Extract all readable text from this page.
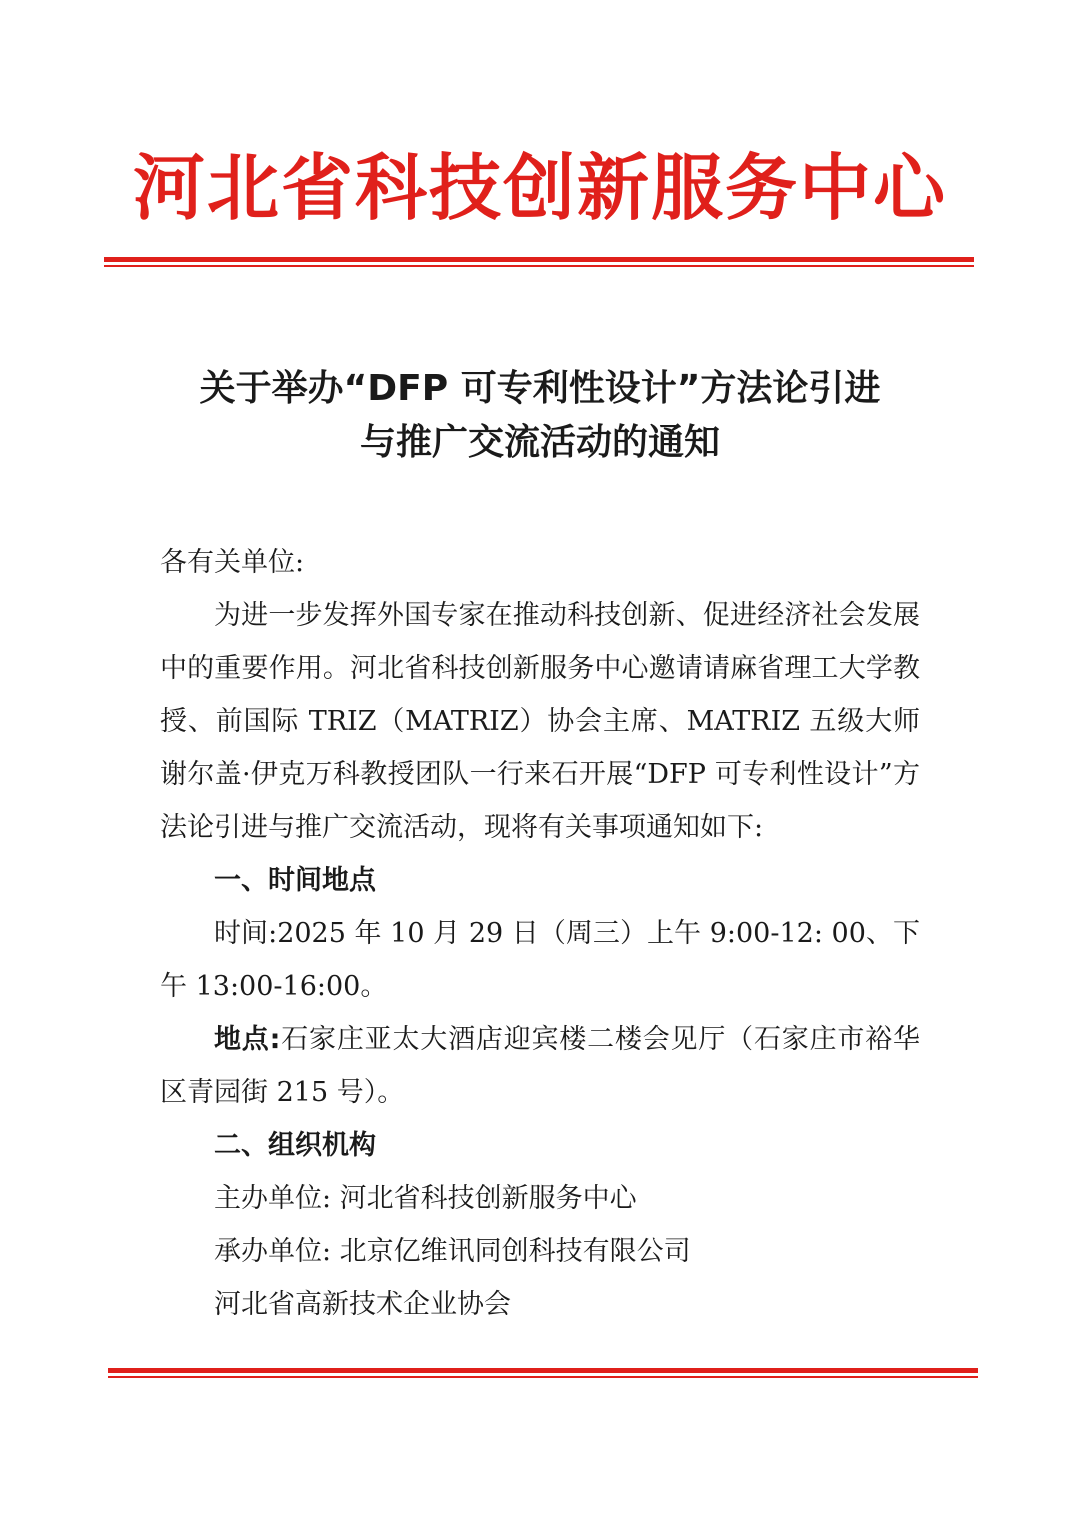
河北省科技创新服务中心
关于举办“DFP 可专利性设计”方法论引进
与推广交流活动的通知

各有关单位:

为进一步发挥外国专家在推动科技创新、促进经济社会发展中的重要作用。河北省科技创新服务中心邀请请麻省理工大学教授、前国际 TRIZ（MATRIZ）协会主席、MATRIZ 五级大师谢尔盖·伊克万科教授团队一行来石开展“DFP 可专利性设计”方法论引进与推广交流活动，现将有关事项通知如下:

一、时间地点

时间:2025 年 10 月 29 日（周三）上午 9:00-12: 00、下午 13:00-16:00。

地点:石家庄亚太大酒店迎宾楼二楼会见厅（石家庄市裕华区青园街 215 号）。

二、组织机构

主办单位: 河北省科技创新服务中心

承办单位: 北京亿维讯同创科技有限公司

河北省高新技术企业协会
